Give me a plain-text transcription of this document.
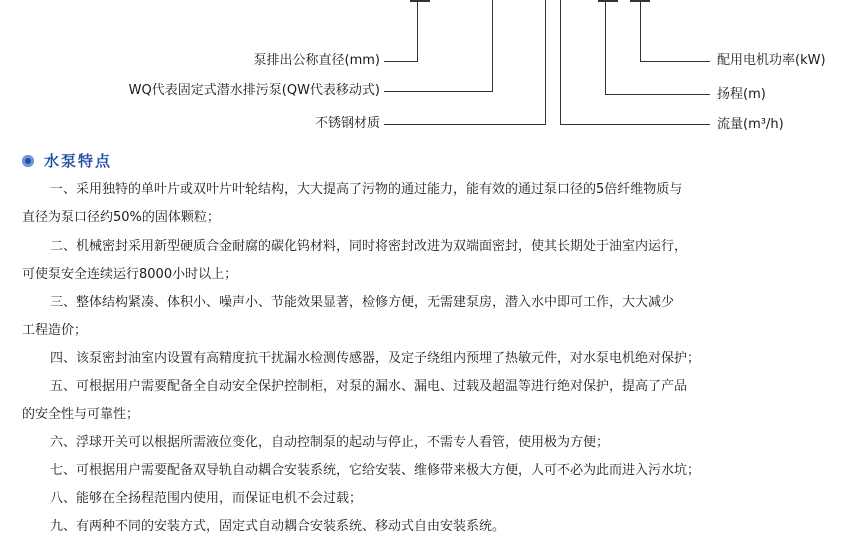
泵排出公称直径(mm)
WQ代表固定式潜水排污泵(QW代表移动式)
不锈钢材质
配用电机功率(kW)
扬程(m)
流量(m³/h)
水泵特点
一、采用独特的单叶片或双叶片叶轮结构，大大提高了污物的通过能力，能有效的通过泵口径的5倍纤维物质与
直径为泵口径约50%的固体颗粒；
二、机械密封采用新型硬质合金耐腐的碳化钨材料，同时将密封改进为双端面密封，使其长期处于油室内运行，
可使泵安全连续运行8000小时以上；
三、整体结构紧凑、体积小、噪声小、节能效果显著，检修方便，无需建泵房，潜入水中即可工作，大大减少
工程造价；
四、该泵密封油室内设置有高精度抗干扰漏水检测传感器，及定子绕组内预埋了热敏元件，对水泵电机绝对保护；
五、可根据用户需要配备全自动安全保护控制柜，对泵的漏水、漏电、过载及超温等进行绝对保护，提高了产品
的安全性与可靠性；
六、浮球开关可以根据所需液位变化，自动控制泵的起动与停止，不需专人看管，使用极为方便；
七、可根据用户需要配备双导轨自动耦合安装系统，它给安装、维修带来极大方便，人可不必为此而进入污水坑；
八、能够在全扬程范围内使用，而保证电机不会过载；
九、有两种不同的安装方式，固定式自动耦合安装系统、移动式自由安装系统。
